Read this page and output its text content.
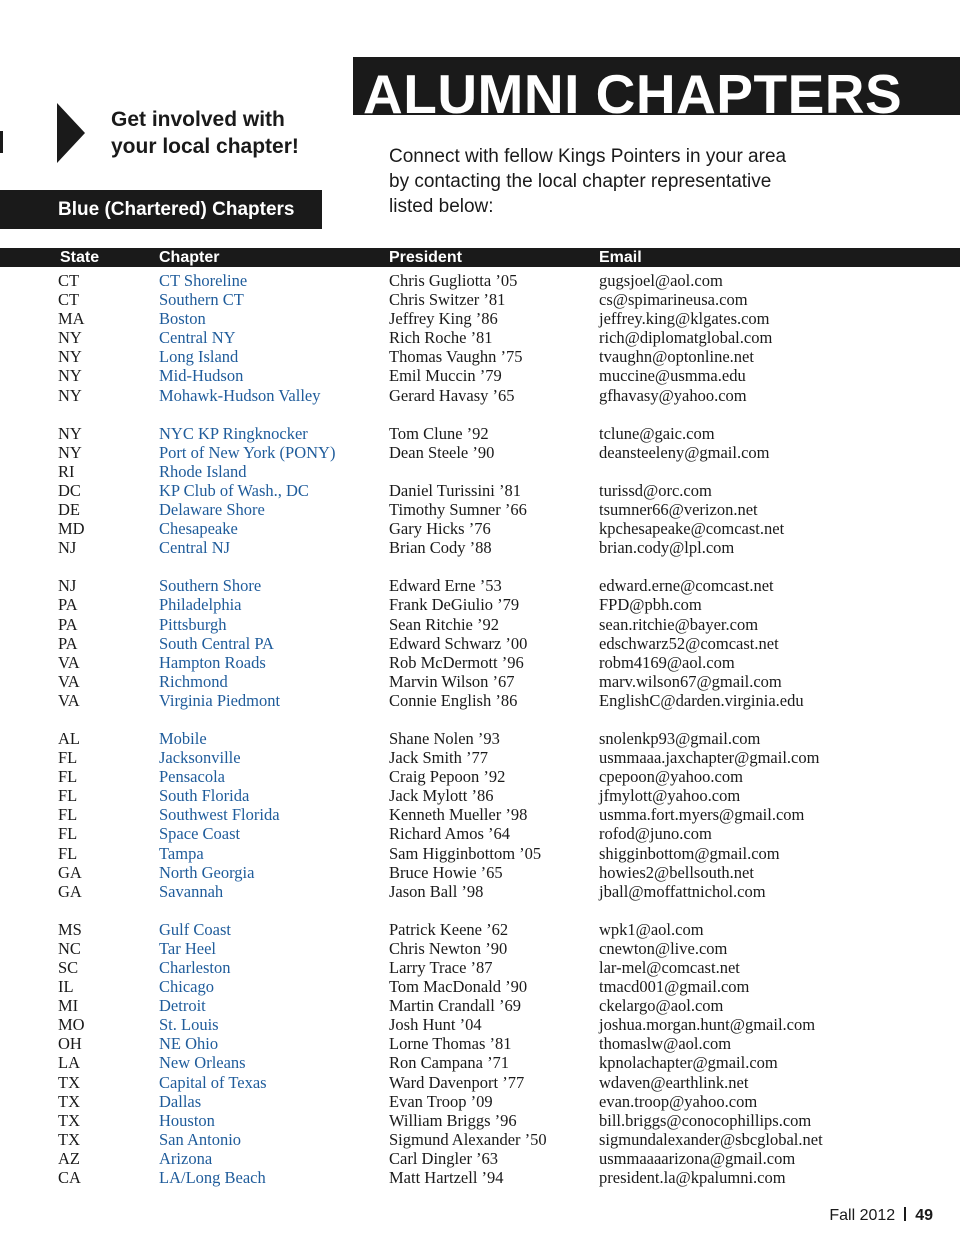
Get involved with
your local chapter!
ALUMNI CHAPTERS
Connect with fellow Kings Pointers in your area
by contacting the local chapter representative
listed below:
Blue (Chartered) Chapters
State	Chapter	President	Email
CT	CT Shoreline	Chris Gugliotta ’05	gugsjoel@aol.com
CT	Southern CT	Chris Switzer ’81	cs@spimarineusa.com
MA	Boston	Jeffrey King ’86	jeffrey.king@klgates.com
NY	Central NY	Rich Roche ’81	rich@diplomatglobal.com
NY	Long Island	Thomas Vaughn ’75	tvaughn@optonline.net
NY	Mid-Hudson	Emil Muccin ’79	muccine@usmma.edu
NY	Mohawk-Hudson Valley	Gerard Havasy ’65	gfhavasy@yahoo.com
NY	NYC KP Ringknocker	Tom Clune ’92	tclune@gaic.com
NY	Port of New York (PONY)	Dean Steele ’90	deansteeleny@gmail.com
RI	Rhode Island
DC	KP Club of Wash., DC	Daniel Turissini ’81	turissd@orc.com
DE	Delaware Shore	Timothy Sumner ’66	tsumner66@verizon.net
MD	Chesapeake	Gary Hicks ’76	kpchesapeake@comcast.net
NJ	Central NJ	Brian Cody ’88	brian.cody@lpl.com
NJ	Southern Shore	Edward Erne ’53	edward.erne@comcast.net
PA	Philadelphia	Frank DeGiulio ’79	FPD@pbh.com
PA	Pittsburgh	Sean Ritchie ’92	sean.ritchie@bayer.com
PA	South Central PA	Edward Schwarz ’00	edschwarz52@comcast.net
VA	Hampton Roads	Rob McDermott ’96	robm4169@aol.com
VA	Richmond	Marvin Wilson ’67	marv.wilson67@gmail.com
VA	Virginia Piedmont	Connie English ’86	EnglishC@darden.virginia.edu
AL	Mobile	Shane Nolen ’93	snolenkp93@gmail.com
FL	Jacksonville	Jack Smith ’77	usmmaaa.jaxchapter@gmail.com
FL	Pensacola	Craig Pepoon ’92	cpepoon@yahoo.com
FL	South Florida	Jack Mylott ’86	jfmylott@yahoo.com
FL	Southwest Florida	Kenneth Mueller ’98	usmma.fort.myers@gmail.com
FL	Space Coast	Richard Amos ’64	rofod@juno.com
FL	Tampa	Sam Higginbottom ’05	shigginbottom@gmail.com
GA	North Georgia	Bruce Howie ’65	howies2@bellsouth.net
GA	Savannah	Jason Ball ’98	jball@moffattnichol.com
MS	Gulf Coast	Patrick Keene ’62	wpk1@aol.com
NC	Tar Heel	Chris Newton ’90	cnewton@live.com
SC	Charleston	Larry Trace ’87	lar-mel@comcast.net
IL	Chicago	Tom MacDonald ’90	tmacd001@gmail.com
MI	Detroit	Martin Crandall ’69	ckelargo@aol.com
MO	St. Louis	Josh Hunt ’04	joshua.morgan.hunt@gmail.com
OH	NE Ohio	Lorne Thomas ’81	thomaslw@aol.com
LA	New Orleans	Ron Campana ’71	kpnolachapter@gmail.com
TX	Capital of Texas	Ward Davenport ’77	wdaven@earthlink.net
TX	Dallas	Evan Troop ’09	evan.troop@yahoo.com
TX	Houston	William Briggs ’96	bill.briggs@conocophillips.com
TX	San Antonio	Sigmund Alexander ’50	sigmundalexander@sbcglobal.net
AZ	Arizona	Carl Dingler ’63	usmmaaaarizona@gmail.com
CA	LA/Long Beach	Matt Hartzell ’94	president.la@kpalumni.com
Fall 2012 49
